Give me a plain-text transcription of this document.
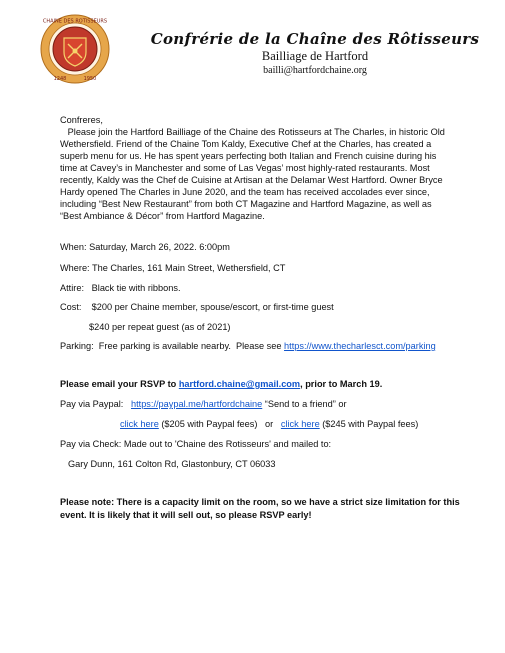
CHAINE DES ROTISSEURS
1248	1950
Confrérie de la Chaîne des Rôtisseurs
Bailliage de Hartford
bailli@hartfordchaine.org
Confreres,

Please join the Hartford Bailliage of the Chaine des Rotisseurs at The Charles, in historic Old

Wethersfield. Friend of the Chaine Tom Kaldy, Executive Chef at the Charles, has created a

superb menu for us. He has spent years perfecting both Italian and French cuisine during his

time at Cavey’s in Manchester and some of Las Vegas’ most highly-rated restaurants. Most

recently, Kaldy was the Chef de Cuisine at Artisan at the Delamar West Hartford. Owner Bryce

Hardy opened The Charles in June 2020, and the team has received accolades ever since,

including “Best New Restaurant” from both CT Magazine and Hartford Magazine, as well as

“Best Ambiance & Décor” from Hartford Magazine.

When: Saturday, March 26, 2022. 6:00pm
Where: The Charles, 161 Main Street, Wethersfield, CT
Attire:   Black tie with ribbons.
Cost:    $200 per Chaine member, spouse/escort, or first-time guest
$240 per repeat guest (as of 2021)
Parking:  Free parking is available nearby.  Please see https://www.thecharlesct.com/parking
Please email your RSVP to hartford.chaine@gmail.com, prior to March 19.
Pay via Paypal:   https://paypal.me/hartfordchaine “Send to a friend” or
click here ($205 with Paypal fees)   or   click here ($245 with Paypal fees)
Pay via Check: Made out to 'Chaine des Rotisseurs' and mailed to:
Gary Dunn, 161 Colton Rd, Glastonbury, CT 06033
Please note: There is a capacity limit on the room, so we have a strict size limitation for this event. It is likely that it will sell out, so please RSVP early!
